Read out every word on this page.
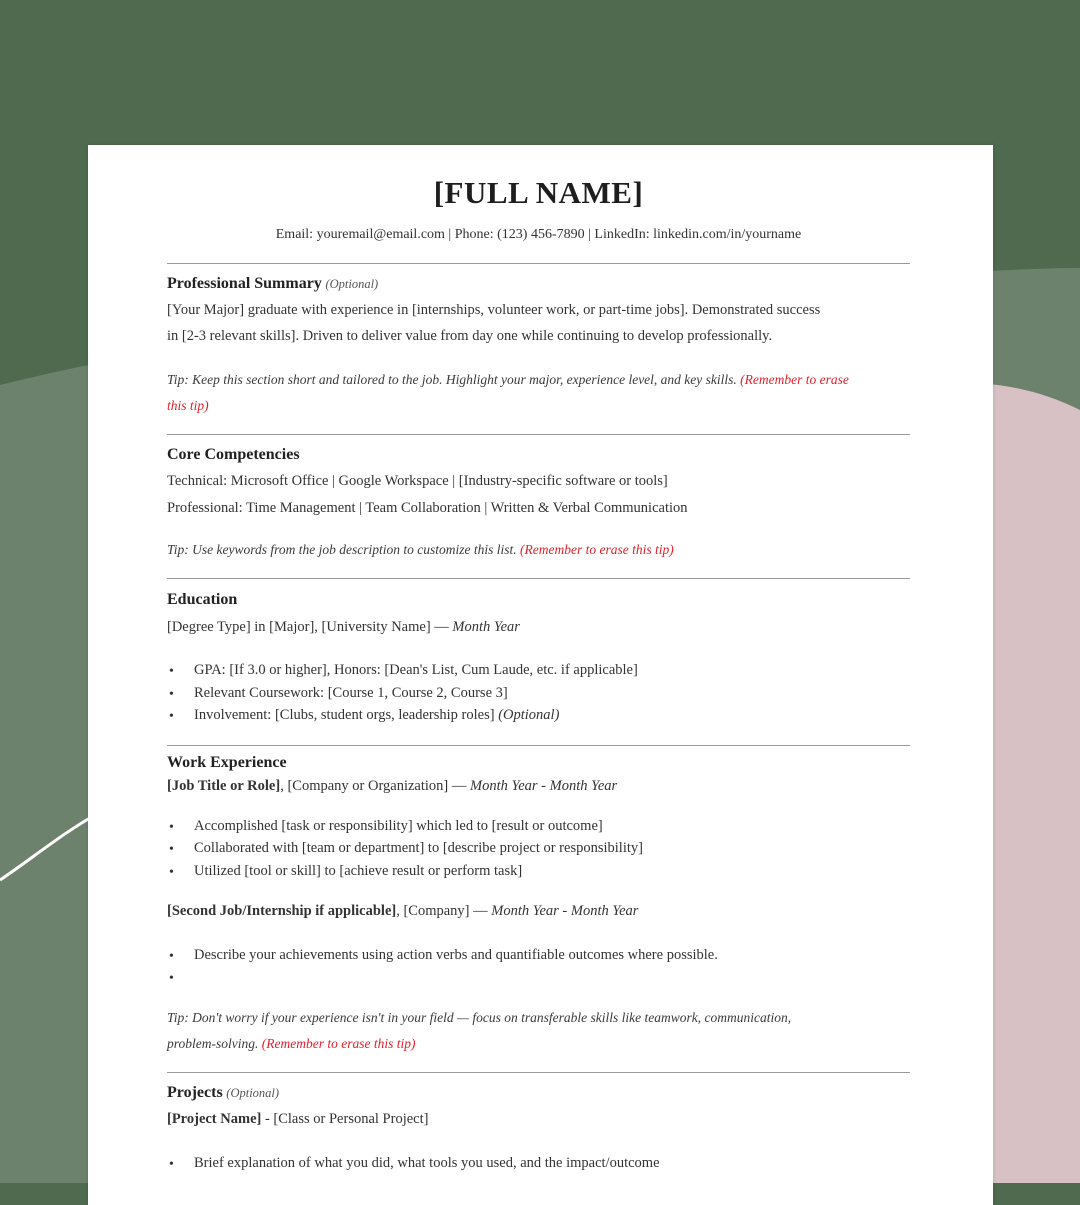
[FULL NAME]
Email: youremail@email.com | Phone: (123) 456-7890 | LinkedIn: linkedin.com/in/yourname
Professional Summary (Optional)
[Your Major] graduate with experience in [internships, volunteer work, or part-time jobs]. Demonstrated success
in [2-3 relevant skills]. Driven to deliver value from day one while continuing to develop professionally.
Tip: Keep this section short and tailored to the job. Highlight your major, experience level, and key skills. (Remember to erase
this tip)
Core Competencies
Technical: Microsoft Office | Google Workspace | [Industry-specific software or tools]
Professional: Time Management | Team Collaboration | Written & Verbal Communication
Tip: Use keywords from the job description to customize this list. (Remember to erase this tip)
Education
[Degree Type] in [Major], [University Name] — Month Year
• GPA: [If 3.0 or higher], Honors: [Dean's List, Cum Laude, etc. if applicable]
• Relevant Coursework: [Course 1, Course 2, Course 3]
• Involvement: [Clubs, student orgs, leadership roles] (Optional)
Work Experience
[Job Title or Role], [Company or Organization] — Month Year - Month Year
• Accomplished [task or responsibility] which led to [result or outcome]
• Collaborated with [team or department] to [describe project or responsibility]
• Utilized [tool or skill] to [achieve result or perform task]
[Second Job/Internship if applicable], [Company] — Month Year - Month Year
• Describe your achievements using action verbs and quantifiable outcomes where possible.
•
Tip: Don't worry if your experience isn't in your field — focus on transferable skills like teamwork, communication,
problem-solving. (Remember to erase this tip)
Projects (Optional)
[Project Name] - [Class or Personal Project]
• Brief explanation of what you did, what tools you used, and the impact/outcome
